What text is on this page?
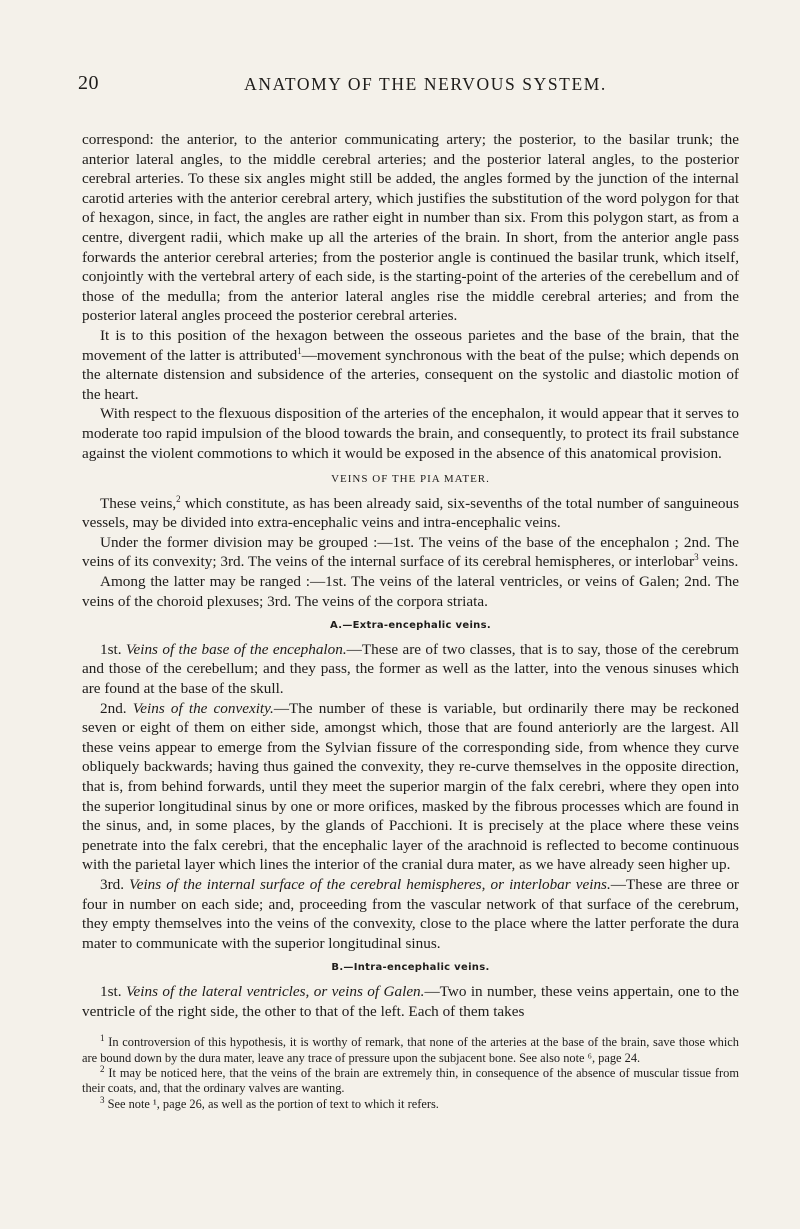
20	ANATOMY OF THE NERVOUS SYSTEM.

correspond: the anterior, to the anterior communicating artery; the posterior, to the basilar trunk; the anterior lateral angles, to the middle cerebral arteries; and the posterior lateral angles, to the posterior cerebral arteries. To these six angles might still be added, the angles formed by the junction of the internal carotid arteries with the anterior cerebral artery, which justifies the substitution of the word polygon for that of hexagon, since, in fact, the angles are rather eight in number than six. From this polygon start, as from a centre, divergent radii, which make up all the arteries of the brain. In short, from the anterior angle pass forwards the anterior cerebral arteries; from the posterior angle is continued the basilar trunk, which itself, conjointly with the vertebral artery of each side, is the starting-point of the arteries of the cerebellum and of those of the medulla; from the anterior lateral angles rise the middle cerebral arteries; and from the posterior lateral angles proceed the posterior cerebral arteries.

It is to this position of the hexagon between the osseous parietes and the base of the brain, that the movement of the latter is attributed$^1$—movement synchronous with the beat of the pulse; which depends on the alternate distension and subsidence of the arteries, consequent on the systolic and diastolic motion of the heart.

With respect to the flexuous disposition of the arteries of the encephalon, it would appear that it serves to moderate too rapid impulsion of the blood towards the brain, and consequently, to protect its frail substance against the violent commotions to which it would be exposed in the absence of this anatomical provision.

VEINS OF THE PIA MATER.

These veins,$^2$ which constitute, as has been already said, six-sevenths of the total number of sanguineous vessels, may be divided into extra-encephalic veins and intra-encephalic veins.

Under the former division may be grouped :—1st. The veins of the base of the encephalon ; 2nd. The veins of its convexity; 3rd. The veins of the internal surface of its cerebral hemispheres, or interlobar$^3$ veins.

Among the latter may be ranged :—1st. The veins of the lateral ventricles, or veins of Galen; 2nd. The veins of the choroid plexuses; 3rd. The veins of the corpora striata.

A.—Extra-encephalic veins.

1st. Veins of the base of the encephalon.—These are of two classes, that is to say, those of the cerebrum and those of the cerebellum; and they pass, the former as well as the latter, into the venous sinuses which are found at the base of the skull.

2nd. Veins of the convexity.—The number of these is variable, but ordinarily there may be reckoned seven or eight of them on either side, amongst which, those that are found anteriorly are the largest. All these veins appear to emerge from the Sylvian fissure of the corresponding side, from whence they curve obliquely backwards; having thus gained the convexity, they re-curve themselves in the opposite direction, that is, from behind forwards, until they meet the superior margin of the falx cerebri, where they open into the superior longitudinal sinus by one or more orifices, masked by the fibrous processes which are found in the sinus, and, in some places, by the glands of Pacchioni. It is precisely at the place where these veins penetrate into the falx cerebri, that the encephalic layer of the arachnoid is reflected to become continuous with the parietal layer which lines the interior of the cranial dura mater, as we have already seen higher up.

3rd. Veins of the internal surface of the cerebral hemispheres, or interlobar veins.—These are three or four in number on each side; and, proceeding from the vascular network of that surface of the cerebrum, they empty themselves into the veins of the convexity, close to the place where the latter perforate the dura mater to communicate with the superior longitudinal sinus.

B.—Intra-encephalic veins.

1st. Veins of the lateral ventricles, or veins of Galen.—Two in number, these veins appertain, one to the ventricle of the right side, the other to that of the left. Each of them takes

$^1$ In controversion of this hypothesis, it is worthy of remark, that none of the arteries at the base of the brain, save those which are bound down by the dura mater, leave any trace of pressure upon the subjacent bone. See also note ⁶, page 24.

$^2$ It may be noticed here, that the veins of the brain are extremely thin, in consequence of the absence of muscular tissue from their coats, and, that the ordinary valves are wanting.

$^3$ See note ¹, page 26, as well as the portion of text to which it refers.
